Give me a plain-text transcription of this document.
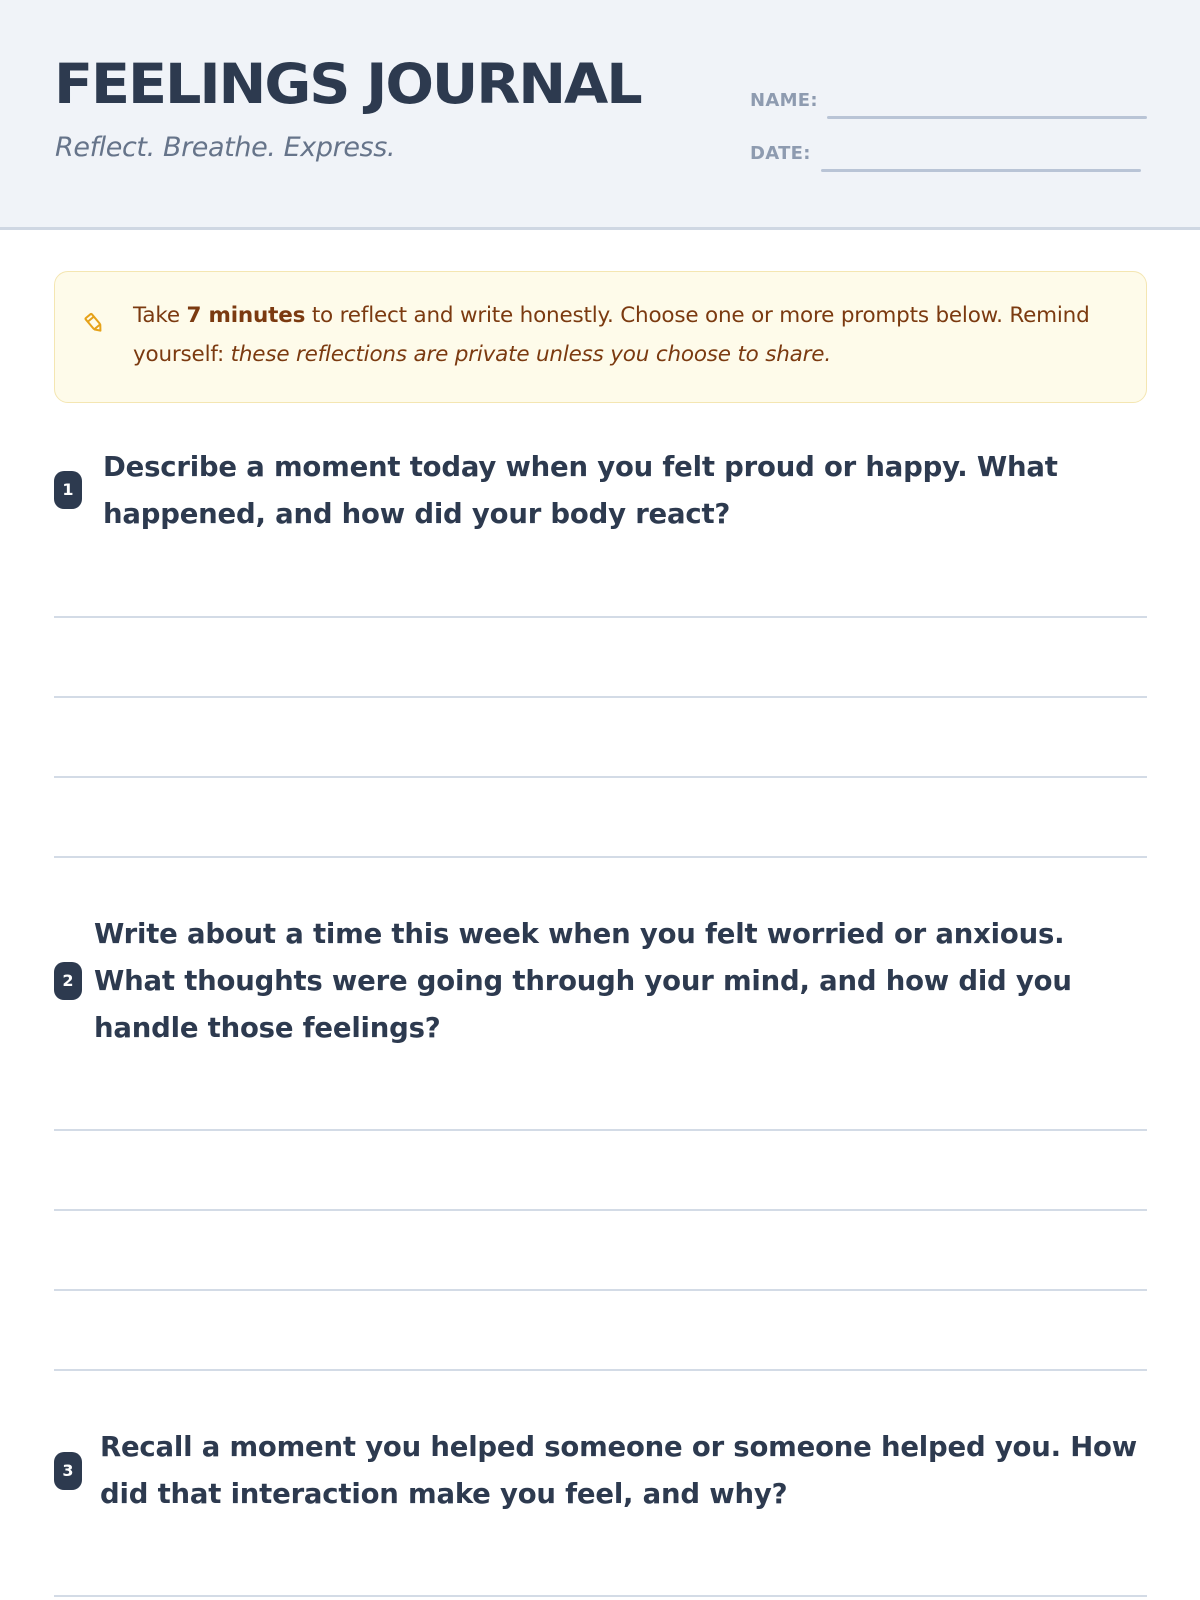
FEELINGS JOURNAL
Reflect. Breathe. Express.
NAME:
DATE:
Take 7 minutes to reflect and write honestly. Choose one or more prompts below. Remind yourself: these reflections are private unless you choose to share.
1
Describe a moment today when you felt proud or happy. What happened, and how did your body react?
2
Write about a time this week when you felt worried or anxious. What thoughts were going through your mind, and how did you handle those feelings?
3
Recall a moment you helped someone or someone helped you. How did that interaction make you feel, and why?
